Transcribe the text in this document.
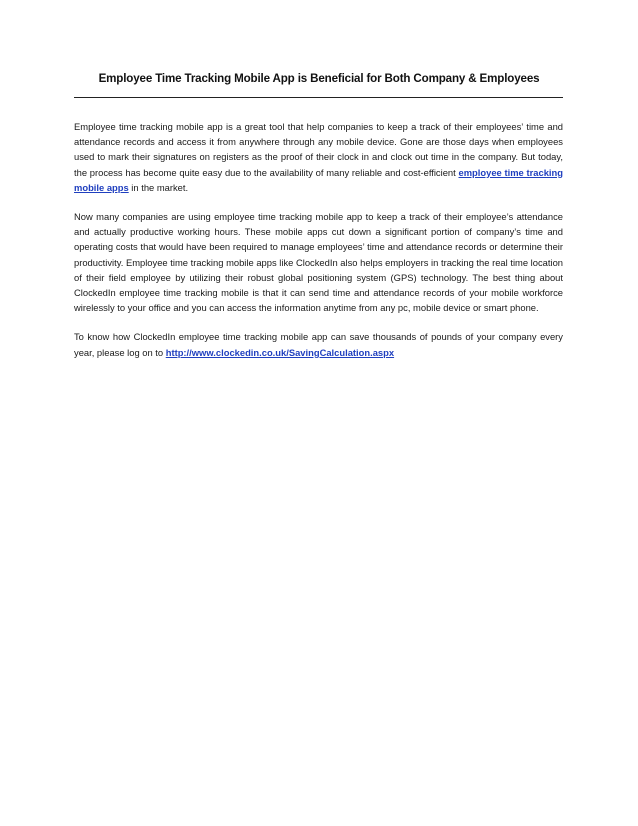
Employee Time Tracking Mobile App is Beneficial for Both Company & Employees

Employee time tracking mobile app is a great tool that help companies to keep a track of their employees’ time and attendance records and access it from anywhere through any mobile device. Gone are those days when employees used to mark their signatures on registers as the proof of their clock in and clock out time in the company. But today, the process has become quite easy due to the availability of many reliable and cost-efficient employee time tracking mobile apps in the market.

Now many companies are using employee time tracking mobile app to keep a track of their employee’s attendance and actually productive working hours. These mobile apps cut down a significant portion of company’s time and operating costs that would have been required to manage employees’ time and attendance records or determine their productivity. Employee time tracking mobile apps like ClockedIn also helps employers in tracking the real time location of their field employee by utilizing their robust global positioning system (GPS) technology. The best thing about ClockedIn employee time tracking mobile is that it can send time and attendance records of your mobile workforce wirelessly to your office and you can access the information anytime from any pc, mobile device or smart phone.

To know how ClockedIn employee time tracking mobile app can save thousands of pounds of your company every year, please log on to http://www.clockedin.co.uk/SavingCalculation.aspx
